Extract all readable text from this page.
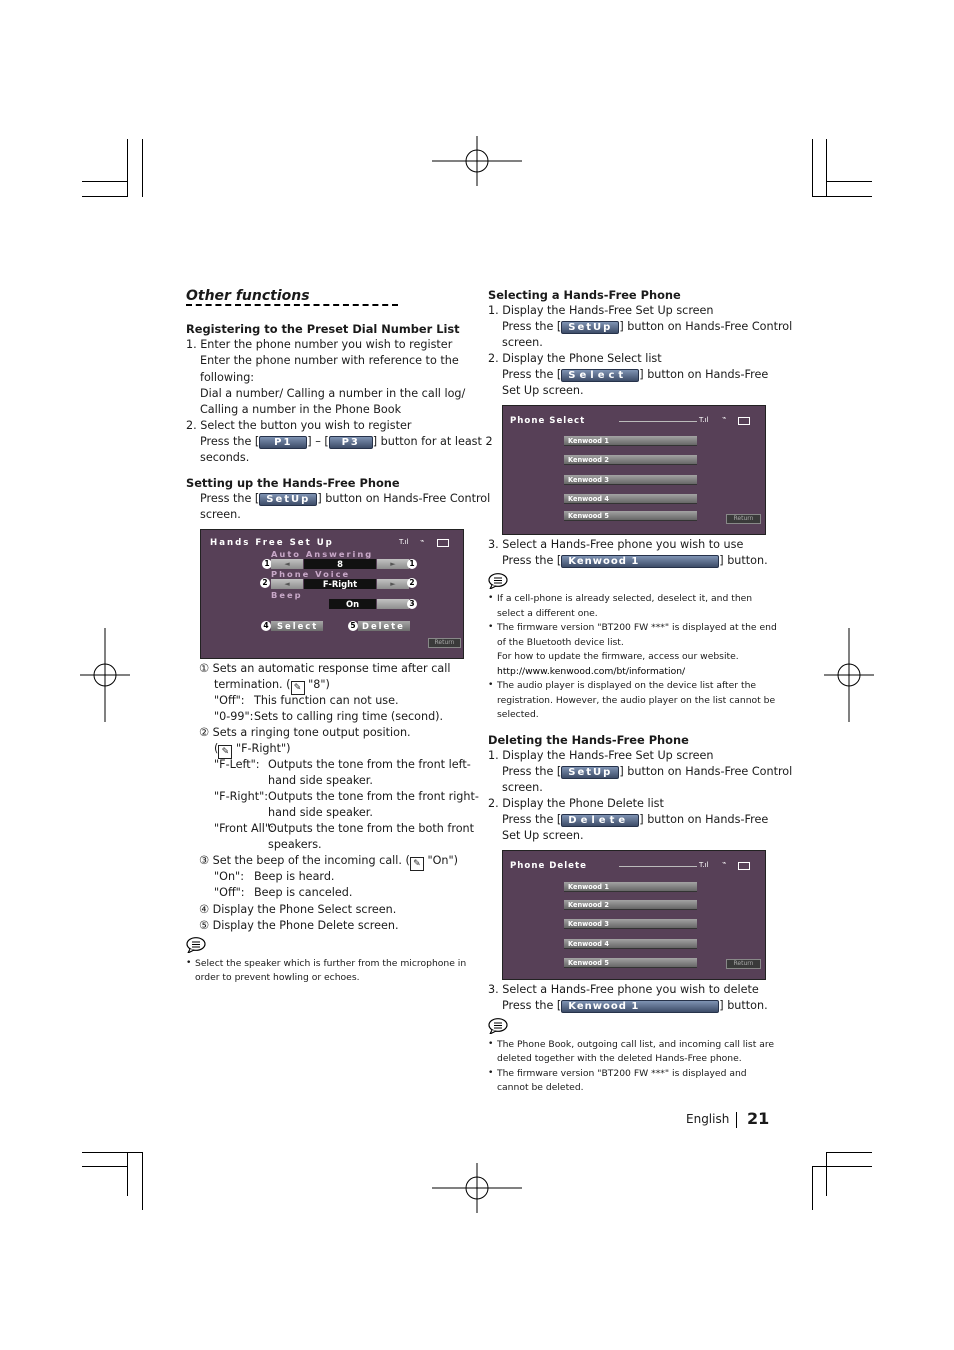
Other functions
Registering to the Preset Dial Number List
1. Enter the phone number you wish to register
Enter the phone number with reference to the
following:
Dial a number/ Calling a number in the call log/
Calling a number in the Phone Book
2. Select the button you wish to register
Press the [ P1 ] – [ P3 ] button for at least 2
seconds.
Setting up the Hands-Free Phone
Press the [ SetUp ] button on Hands-Free Control
screen.
Hands Free Set Up	T.ıl ⌁
Auto Answering
1	◄	8	►	1
Phone Voice
2	◄	F-Right	►	2
Beep
On	3
4 Select	5 Delete
Return
① Sets an automatic response time after call
termination. ( ✎ "8")
"Off": This function can not use.
"0-99": Sets to calling ring time (second).
② Sets a ringing tone output position.
( ✎ "F-Right")
"F-Left": Outputs the tone from the front left-
hand side speaker.
"F-Right": Outputs the tone from the front right-
hand side speaker.
"Front All":
Outputs the tone from the both front
speakers.
③ Set the beep of the incoming call. ( ✎ "On")
"On": Beep is heard.
"Off": Beep is canceled.
④ Display the Phone Select screen.
⑤ Display the Phone Delete screen.
• Select the speaker which is further from the microphone in
order to prevent howling or echoes.
Selecting a Hands-Free Phone
1. Display the Hands-Free Set Up screen
Press the [ SetUp ] button on Hands-Free Control
screen.
2. Display the Phone Select list
Press the [ Select ] button on Hands-Free
Set Up screen.
Phone Select	T.ıl ⌁
Kenwood 1
Kenwood 2
Kenwood 3
Kenwood 4
Kenwood 5	Return
3. Select a Hands-Free phone you wish to use
Press the [ Kenwood 1	] button.
• If a cell-phone is already selected, deselect it, and then
select a different one.
• The firmware version "BT200 FW ***" is displayed at the end
of the Bluetooth device list.
For how to update the firmware, access our website.
http://www.kenwood.com/bt/information/
• The audio player is displayed on the device list after the
registration. However, the audio player on the list cannot be
selected.
Deleting the Hands-Free Phone
1. Display the Hands-Free Set Up screen
Press the [ SetUp ] button on Hands-Free Control
screen.
2. Display the Phone Delete list
Press the [ Delete ] button on Hands-Free
Set Up screen.
Phone Delete	T.ıl ⌁
Kenwood 1
Kenwood 2
Kenwood 3
Kenwood 4
Kenwood 5	Return
3. Select a Hands-Free phone you wish to delete
Press the [ Kenwood 1	] button.
• The Phone Book, outgoing call list, and incoming call list are
deleted together with the deleted Hands-Free phone.
• The firmware version "BT200 FW ***" is displayed and
cannot be deleted.
English 21
